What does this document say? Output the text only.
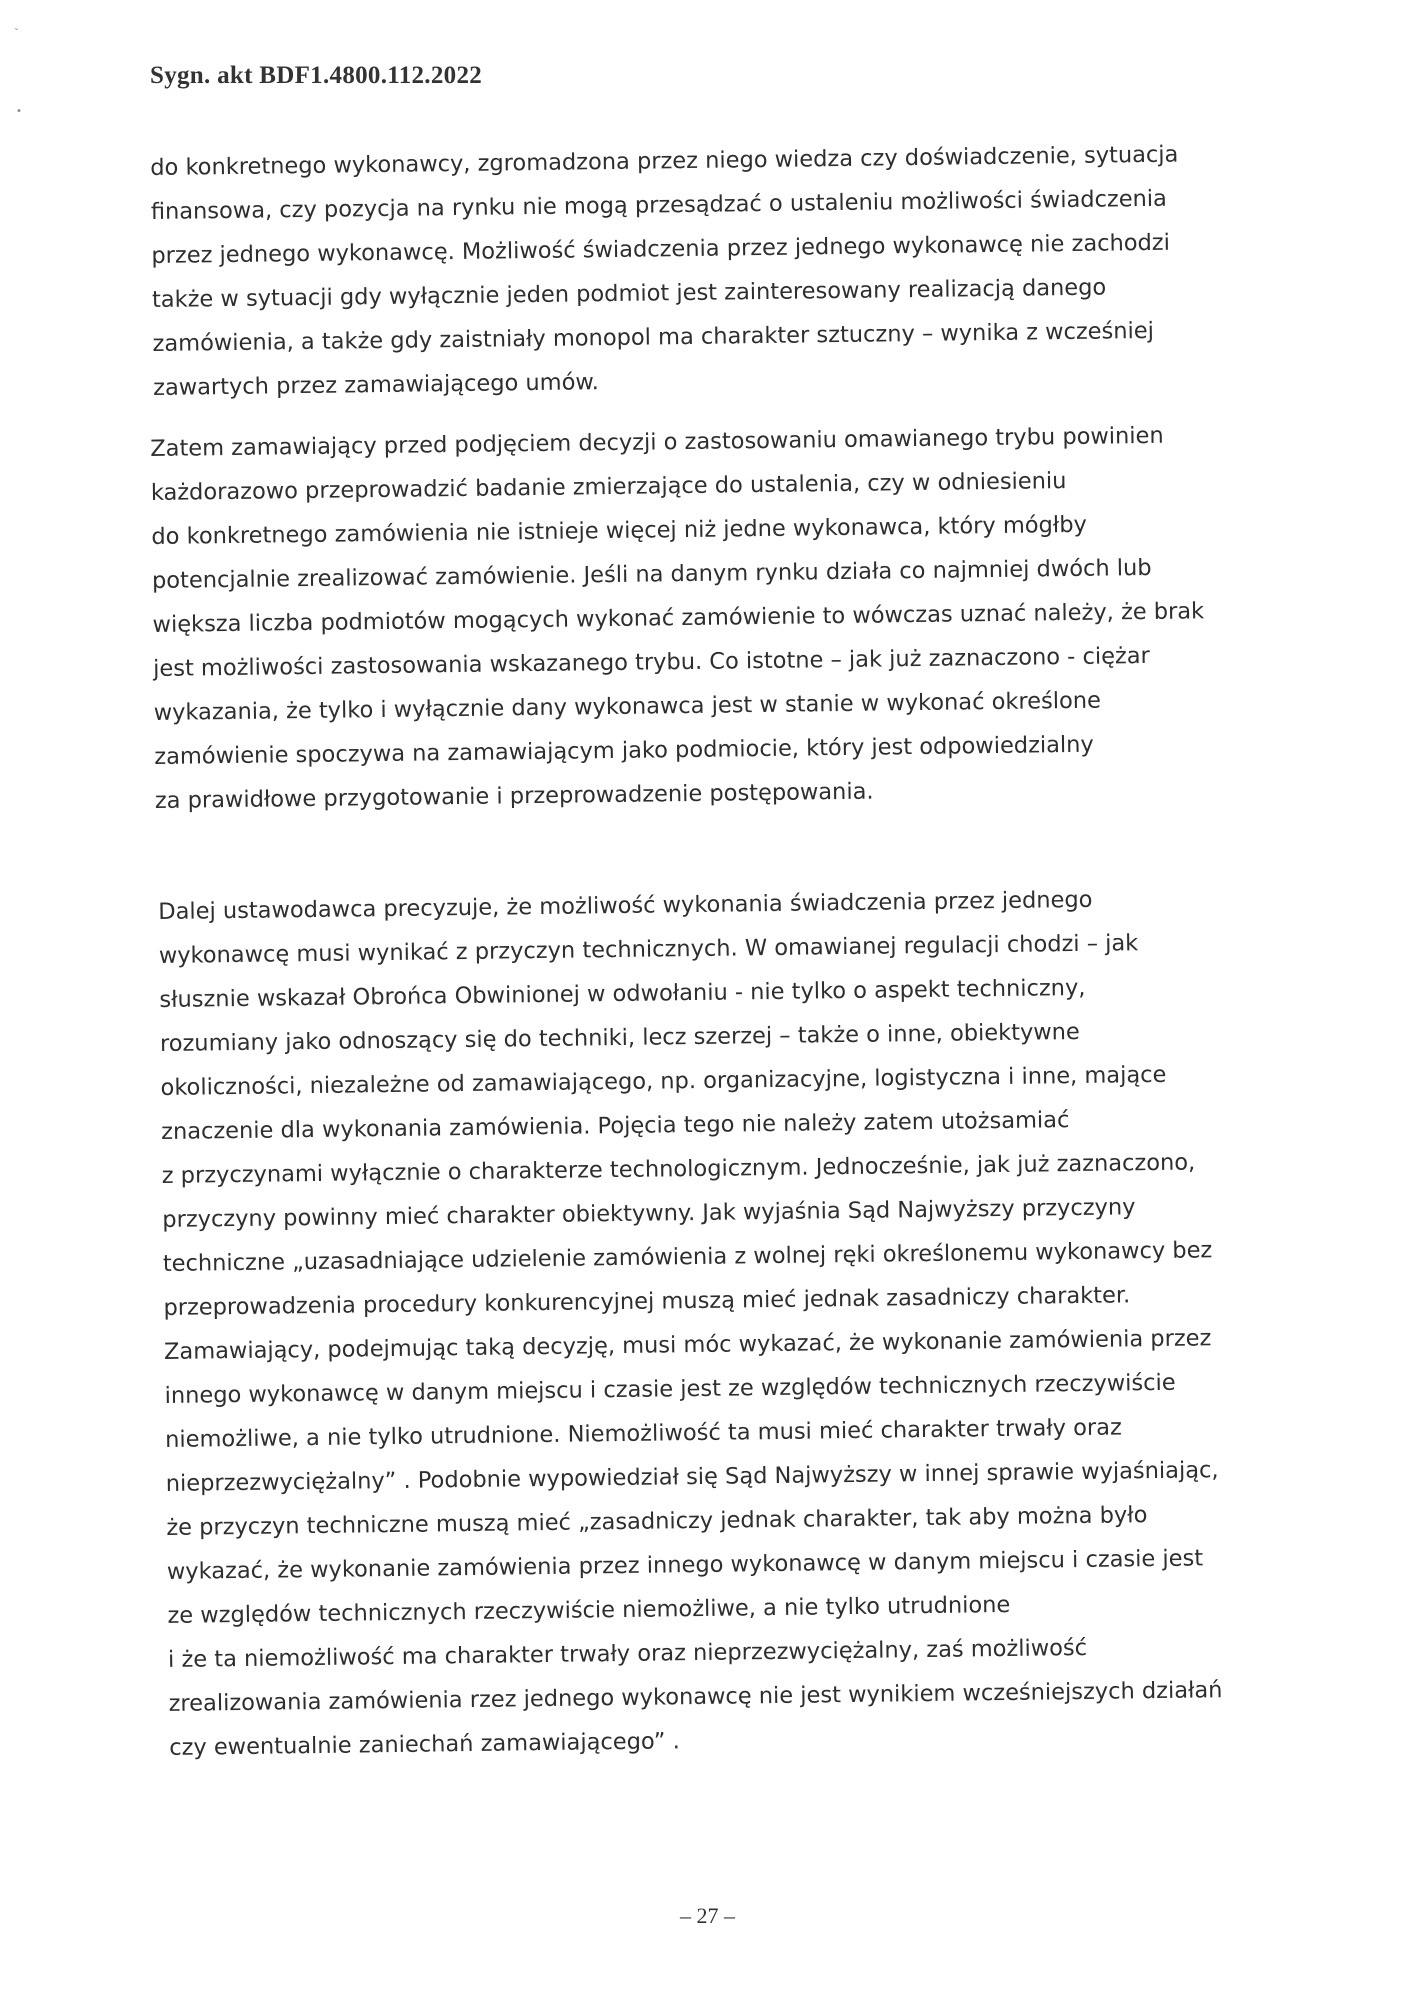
ˇ
•
Sygn. akt BDF1.4800.112.2022
do konkretnego wykonawcy, zgromadzona przez niego wiedza czy doświadczenie, sytuacja
finansowa, czy pozycja na rynku nie mogą przesądzać o ustaleniu możliwości świadczenia
przez jednego wykonawcę. Możliwość świadczenia przez jednego wykonawcę nie zachodzi
także w sytuacji gdy wyłącznie jeden podmiot jest zainteresowany realizacją danego
zamówienia, a także gdy zaistniały monopol ma charakter sztuczny – wynika z wcześniej
zawartych przez zamawiającego umów.
Zatem zamawiający przed podjęciem decyzji o zastosowaniu omawianego trybu powinien
każdorazowo przeprowadzić badanie zmierzające do ustalenia, czy w odniesieniu
do konkretnego zamówienia nie istnieje więcej niż jedne wykonawca, który mógłby
potencjalnie zrealizować zamówienie. Jeśli na danym rynku działa co najmniej dwóch lub
większa liczba podmiotów mogących wykonać zamówienie to wówczas uznać należy, że brak
jest możliwości zastosowania wskazanego trybu. Co istotne – jak już zaznaczono - ciężar
wykazania, że tylko i wyłącznie dany wykonawca jest w stanie w wykonać określone
zamówienie spoczywa na zamawiającym jako podmiocie, który jest odpowiedzialny
za prawidłowe przygotowanie i przeprowadzenie postępowania.
Dalej ustawodawca precyzuje, że możliwość wykonania świadczenia przez jednego
wykonawcę musi wynikać z przyczyn technicznych. W omawianej regulacji chodzi – jak
słusznie wskazał Obrońca Obwinionej w odwołaniu - nie tylko o aspekt techniczny,
rozumiany jako odnoszący się do techniki, lecz szerzej – także o inne, obiektywne
okoliczności, niezależne od zamawiającego, np. organizacyjne, logistyczna i inne, mające
znaczenie dla wykonania zamówienia. Pojęcia tego nie należy zatem utożsamiać
z przyczynami wyłącznie o charakterze technologicznym. Jednocześnie, jak już zaznaczono,
przyczyny powinny mieć charakter obiektywny. Jak wyjaśnia Sąd Najwyższy przyczyny
techniczne „uzasadniające udzielenie zamówienia z wolnej ręki określonemu wykonawcy bez
przeprowadzenia procedury konkurencyjnej muszą mieć jednak zasadniczy charakter.
Zamawiający, podejmując taką decyzję, musi móc wykazać, że wykonanie zamówienia przez
innego wykonawcę w danym miejscu i czasie jest ze względów technicznych rzeczywiście
niemożliwe, a nie tylko utrudnione. Niemożliwość ta musi mieć charakter trwały oraz
nieprzezwyciężalny” . Podobnie wypowiedział się Sąd Najwyższy w innej sprawie wyjaśniając,
że przyczyn techniczne muszą mieć „zasadniczy jednak charakter, tak aby można było
wykazać, że wykonanie zamówienia przez innego wykonawcę w danym miejscu i czasie jest
ze względów technicznych rzeczywiście niemożliwe, a nie tylko utrudnione
i że ta niemożliwość ma charakter trwały oraz nieprzezwyciężalny, zaś możliwość
zrealizowania zamówienia rzez jednego wykonawcę nie jest wynikiem wcześniejszych działań
czy ewentualnie zaniechań zamawiającego” .
– 27 –
